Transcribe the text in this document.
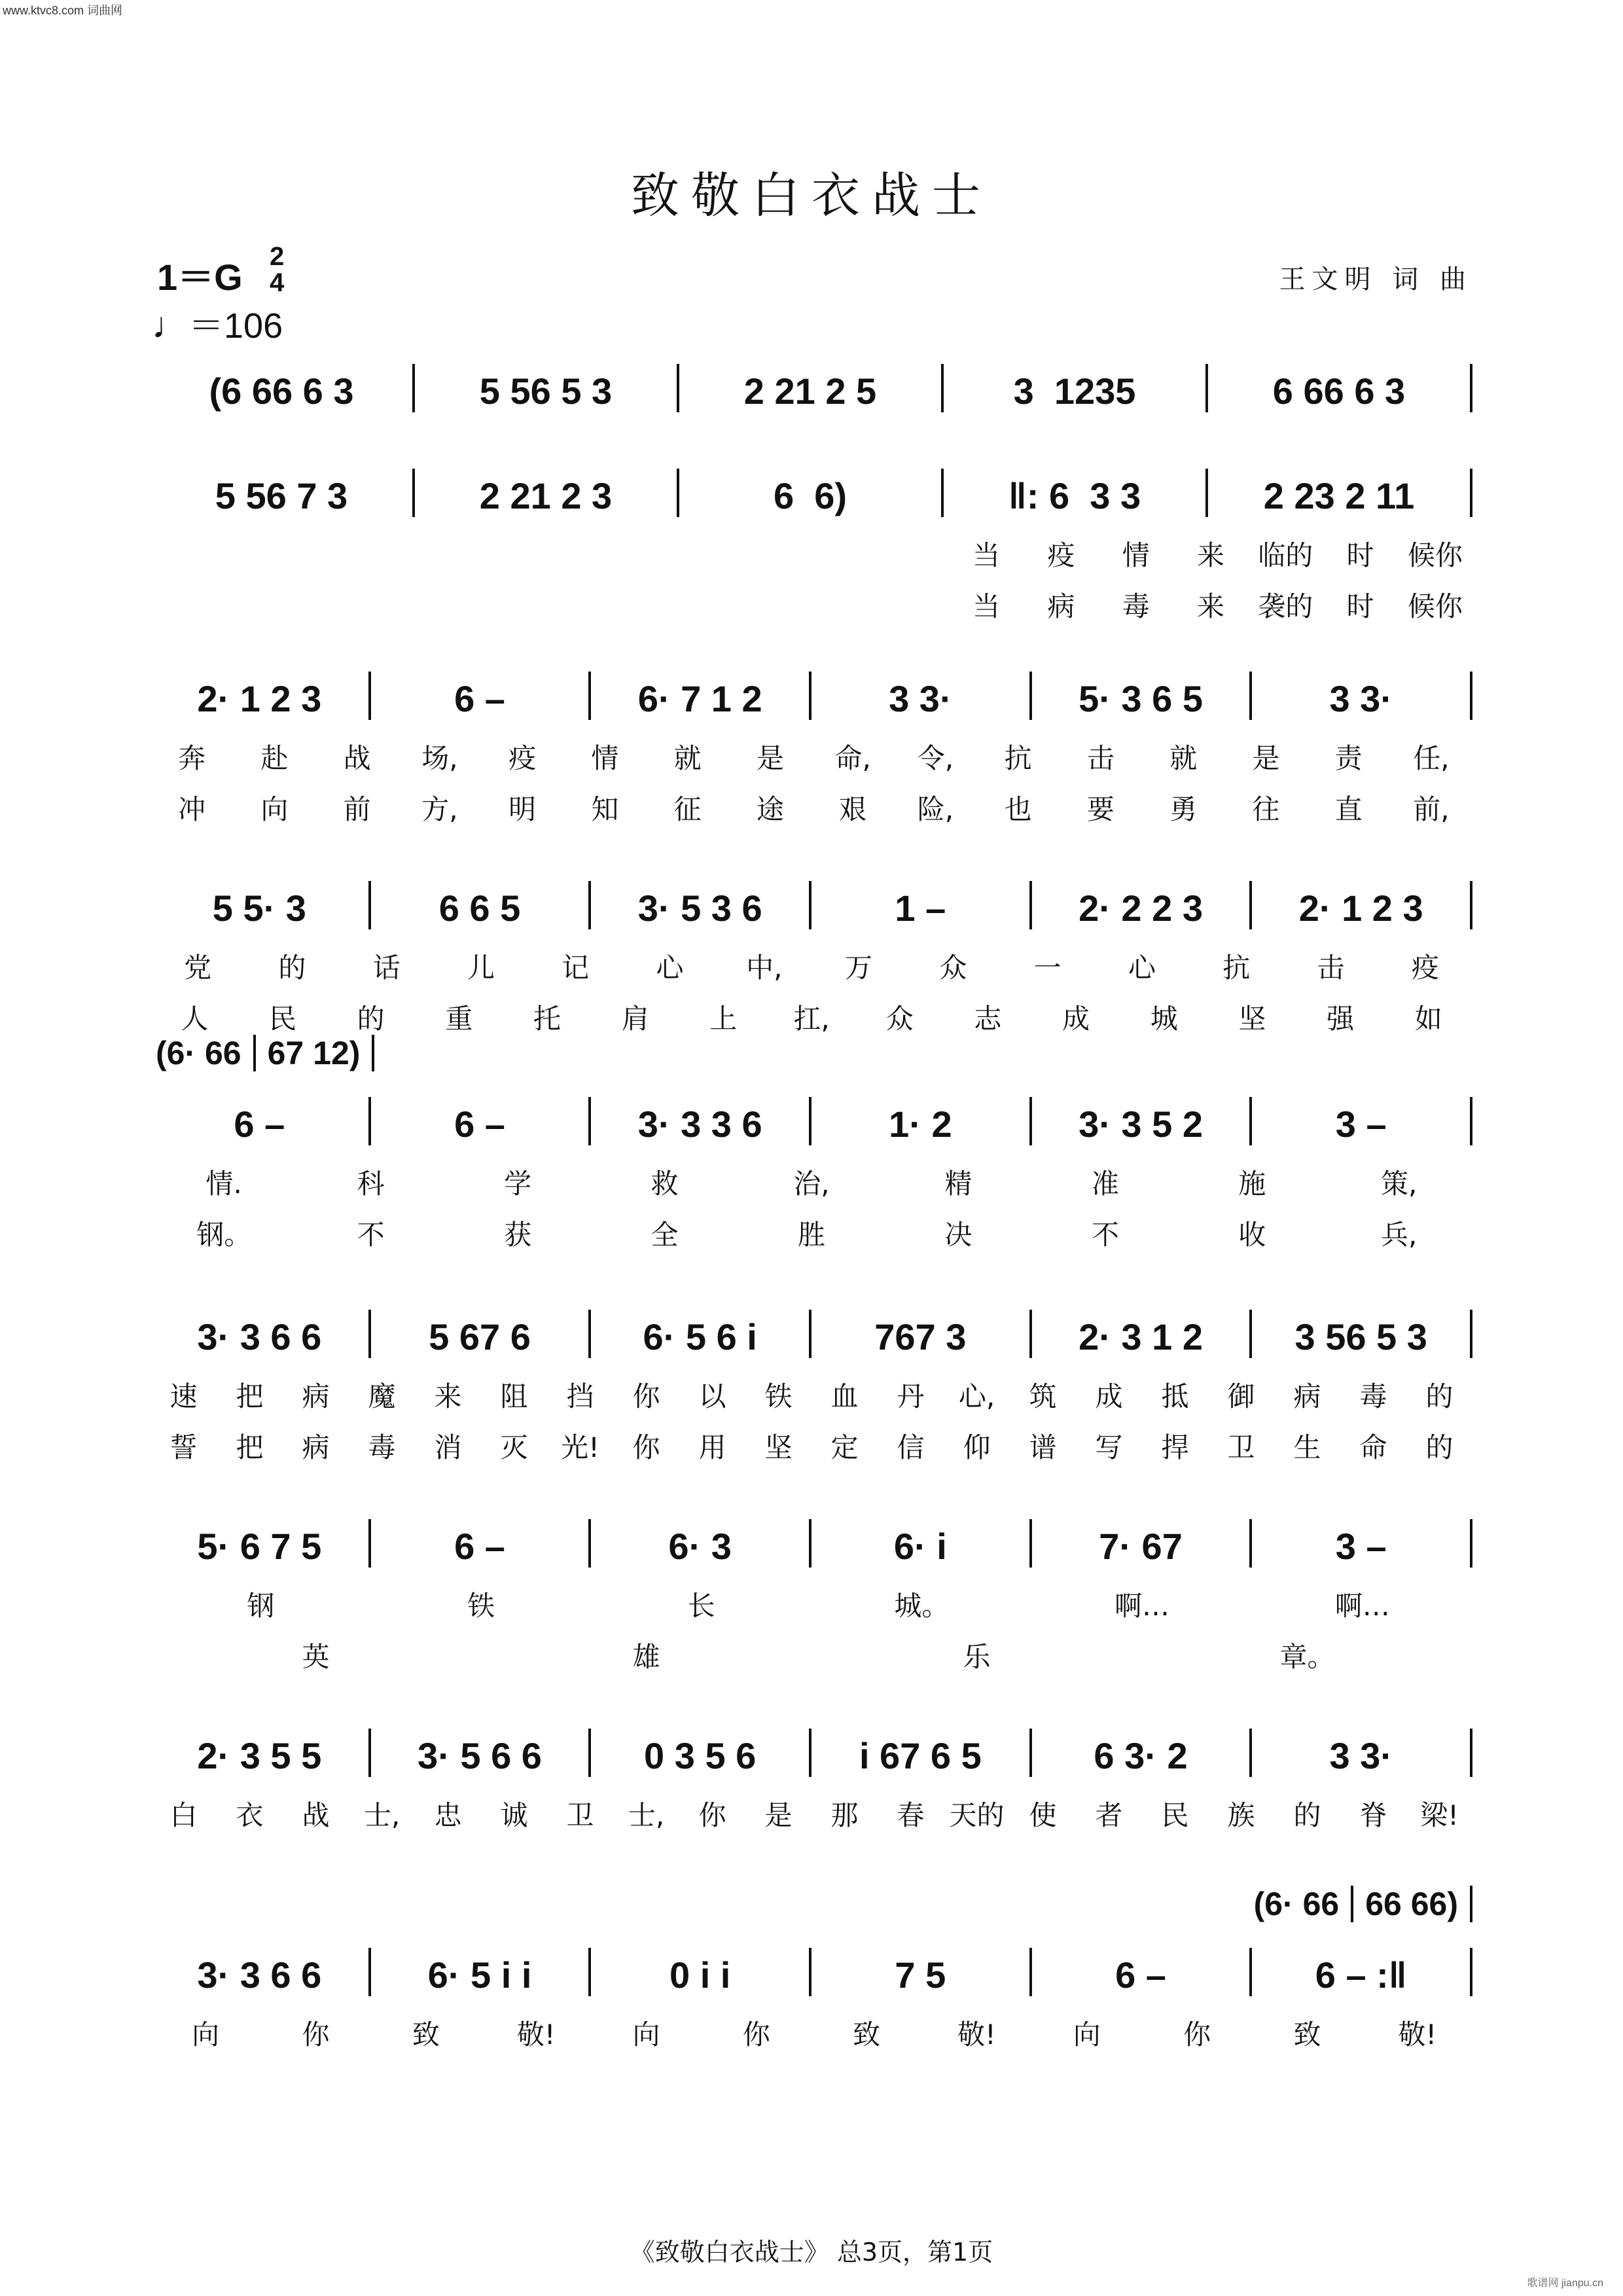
www.ktvc8.com 词曲网
致敬白衣战士
1＝G 2
4
♩＝106
王文明 词 曲
(6 66 6 3	5 56 5 3	2 21 2 5	3  1235	6 66 6 3
5 56 7 3	2 21 2 3	6  6)	‖: 6  3 3	2 23 2 11
当	疫	情	来	临的	时	候你
当	病	毒	来	袭的	时	候你
2· 1 2 3	6 –	6· 7 1 2	3 3·	5· 3 6 5	3 3·
奔	赴	战	场,	疫	情	就	是	命,	令,	抗	击	就	是	责	任,
冲	向	前	方,	明	知	征	途	艰	险,	也	要	勇	往	直	前,
5 5· 3	6 6 5	3· 5 3 6	1 –	2· 2 2 3	2· 1 2 3
党	的	话	儿	记	心	中,	万	众	一	心	抗	击	疫
人	民	的	重	托	肩	上	扛,	众	志	成	城	坚	强	如
(6· 66 67 12)
6 –	6 –	3· 3 3 6	1· 2	3· 3 5 2	3 –
情.	科	学	救	治,	精	准	施	策,
钢。	不	获	全	胜	决	不	收	兵,
3· 3 6 6	5 67 6	6· 5 6 i	767 3	2· 3 1 2	3 56 5 3
速	把	病	魔	来	阻	挡	你	以	铁	血	丹	心,	筑	成	抵	御	病	毒	的
誓	把	病	毒	消	灭	光!	你	用	坚	定	信	仰	谱	写	捍	卫	生	命	的
5· 6 7 5	6 –	6· 3	6· i	7· 67	3 –
钢	铁	长	城。	啊…	啊…
英	雄	乐	章。
2· 3 5 5	3· 5 6 6	0 3 5 6	i 67 6 5	6 3· 2	3 3·
白	衣	战	士,	忠	诚	卫	士,	你	是	那	春 天的 使	者	民	族	的	脊	梁!
(6· 66 66 66)
3· 3 6 6	6· 5 i i	0 i i	7 5	6 –	6 – :‖
向	你	致	敬!	向	你	致	敬!	向	你	致	敬!
《致敬白衣战士》 总3页，第1页
歌谱网 jianpu.cn
